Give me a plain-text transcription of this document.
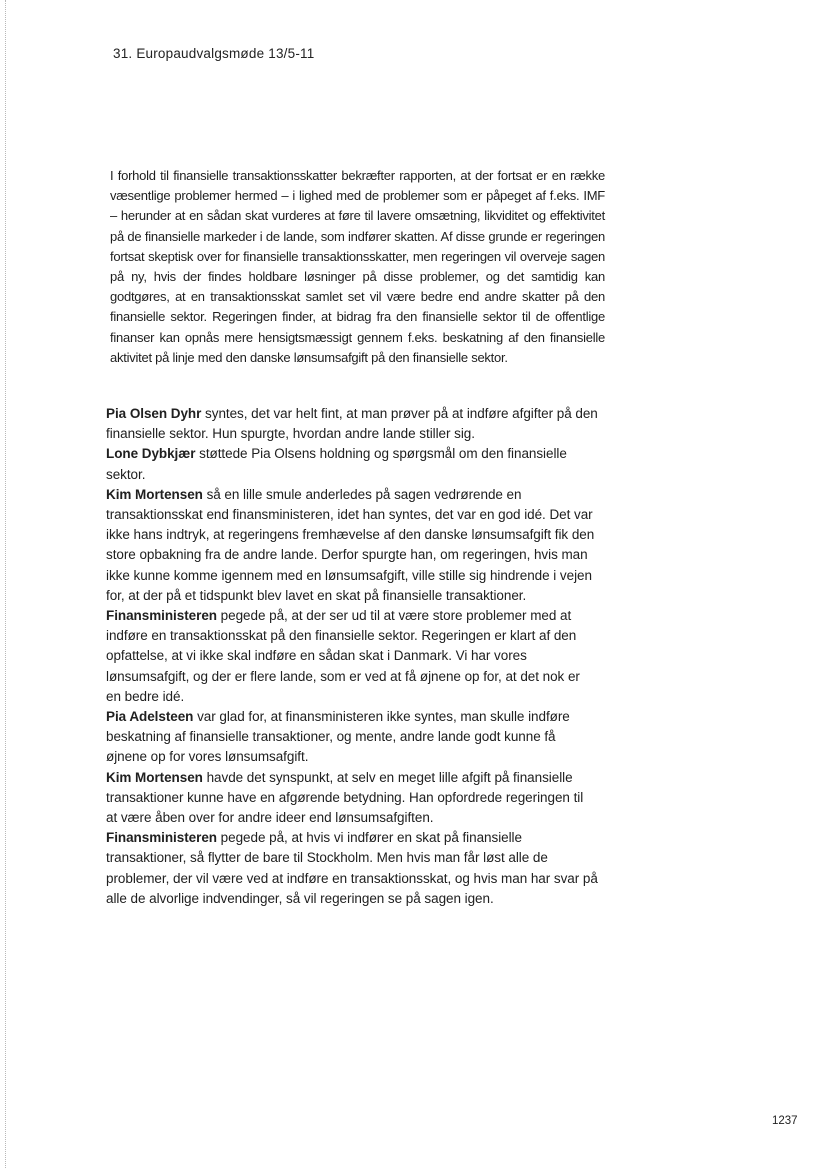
31. Europaudvalgsmøde 13/5-11

I forhold til finansielle transaktionsskatter bekræfter rapporten, at der fortsat er en række væsentlige problemer hermed – i lighed med de problemer som er påpeget af f.eks. IMF – herunder at en sådan skat vurderes at føre til lavere omsætning, likviditet og effektivitet på de finansielle markeder i de lande, som indfører skatten. Af disse grunde er regeringen fortsat skeptisk over for finansielle transaktionsskatter, men regeringen vil overveje sagen på ny, hvis der findes holdbare løsninger på disse problemer, og det samtidig kan godtgøres, at en transaktionsskat samlet set vil være bedre end andre skatter på den finansielle sektor. Regeringen finder, at bidrag fra den finansielle sektor til de offentlige finanser kan opnås mere hensigtsmæssigt gennem f.eks. beskatning af den finansielle aktivitet på linje med den danske lønsumsafgift på den finansielle sektor.

Pia Olsen Dyhr syntes, det var helt fint, at man prøver på at indføre afgifter på den finansielle sektor. Hun spurgte, hvordan andre lande stiller sig.

Lone Dybkjær støttede Pia Olsens holdning og spørgsmål om den finansielle sektor.

Kim Mortensen så en lille smule anderledes på sagen vedrørende en transaktionsskat end finansministeren, idet han syntes, det var en god idé. Det var ikke hans indtryk, at regeringens fremhævelse af den danske lønsumsafgift fik den store opbakning fra de andre lande. Derfor spurgte han, om regeringen, hvis man ikke kunne komme igennem med en lønsumsafgift, ville stille sig hindrende i vejen for, at der på et tidspunkt blev lavet en skat på finansielle transaktioner.

Finansministeren pegede på, at der ser ud til at være store problemer med at indføre en transaktionsskat på den finansielle sektor. Regeringen er klart af den opfattelse, at vi ikke skal indføre en sådan skat i Danmark. Vi har vores lønsumsafgift, og der er flere lande, som er ved at få øjnene op for, at det nok er en bedre idé.

Pia Adelsteen var glad for, at finansministeren ikke syntes, man skulle indføre beskatning af finansielle transaktioner, og mente, andre lande godt kunne få øjnene op for vores lønsumsafgift.

Kim Mortensen havde det synspunkt, at selv en meget lille afgift på finansielle transaktioner kunne have en afgørende betydning. Han opfordrede regeringen til at være åben over for andre ideer end lønsumsafgiften.

Finansministeren pegede på, at hvis vi indfører en skat på finansielle transaktioner, så flytter de bare til Stockholm. Men hvis man får løst alle de problemer, der vil være ved at indføre en transaktionsskat, og hvis man har svar på alle de alvorlige indvendinger, så vil regeringen se på sagen igen.

1237
